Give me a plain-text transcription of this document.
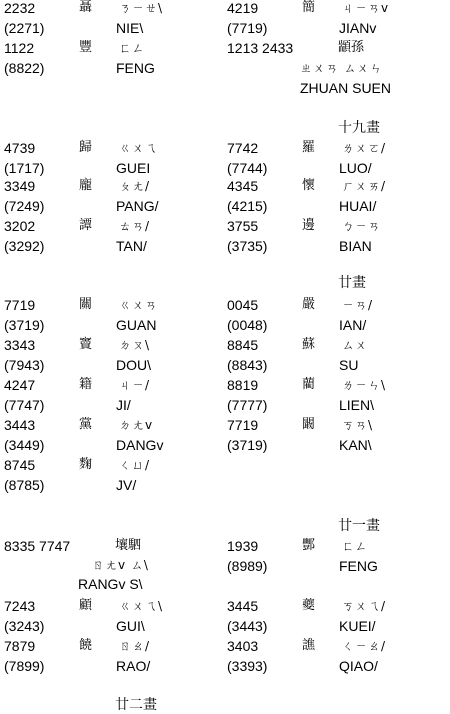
2232
(2271)
聶 ㄋㄧㄝ\
NIE\
1122
(8822)
豐 ㄈㄥ
FENG
4219
(7719)
簡 ㄐㄧㄢv
JIANv
1213 2433	顓孫
ㄓㄨㄢ ㄙㄨㄣ
ZHUAN SUEN
十九畫
4739
(1717)
歸 ㄍㄨㄟ
GUEI
7742
(7744)
羅 ㄌㄨㄛ/
LUO/
3349
(7249)
龐 ㄆㄤ/
PANG/
4345
(4215)
懷 ㄏㄨㄞ/
HUAI/
3202
(3292)
譚 ㄊㄢ/
TAN/
3755
(3735)
邊 ㄅㄧㄢ
BIAN
廿畫
7719
(3719)
關 ㄍㄨㄢ
GUAN
0045
(0048)
嚴 ㄧㄢ/
IAN/
3343
(7943)
竇 ㄉㄡ\
DOU\
8845
(8843)
蘇 ㄙㄨ
SU
4247
(7747)
籍 ㄐㄧ/
JI/
8819
(7777)
藺 ㄌㄧㄣ\
LIEN\
3443
(3449)
黨 ㄉㄤv
DANGv
7719
(3719)
闞 ㄎㄢ\
KAN\
8745
(8785)
麴 ㄑㄩ/
JV/
廿一畫
8335 7747	壤駟
ㄖㄤv ㄙ\
RANGv S\
1939
(8989)
酆 ㄈㄥ
FENG
7243
(3243)
顧 ㄍㄨㄟ\
GUI\
3445
(3443)
夔 ㄎㄨㄟ/
KUEI/
7879
(7899)
饒 ㄖㄠ/
RAO/
3403
(3393)
譙 ㄑㄧㄠ/
QIAO/
廿二畫
